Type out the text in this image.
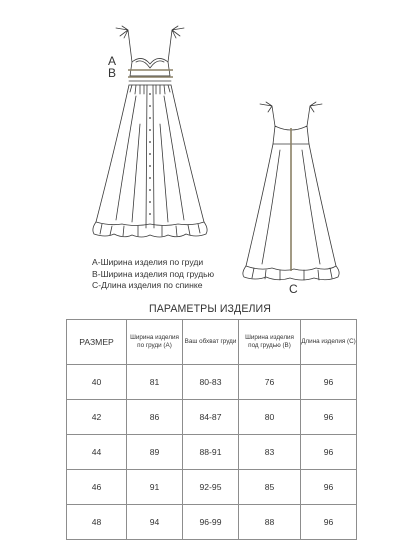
A
B
C
A-Ширина изделия по груди
B-Ширина изделия под грудью
C-Длина изделия по спинке
ПАРАМЕТРЫ ИЗДЕЛИЯ
РАЗМЕР	Ширина изделия по груди (А)	Ваш обхват груди	Ширина изделия под грудью (В)	Длина изделия (С)
40	81	80-83	76	96
42	86	84-87	80	96
44	89	88-91	83	96
46	91	92-95	85	96
48	94	96-99	88	96
